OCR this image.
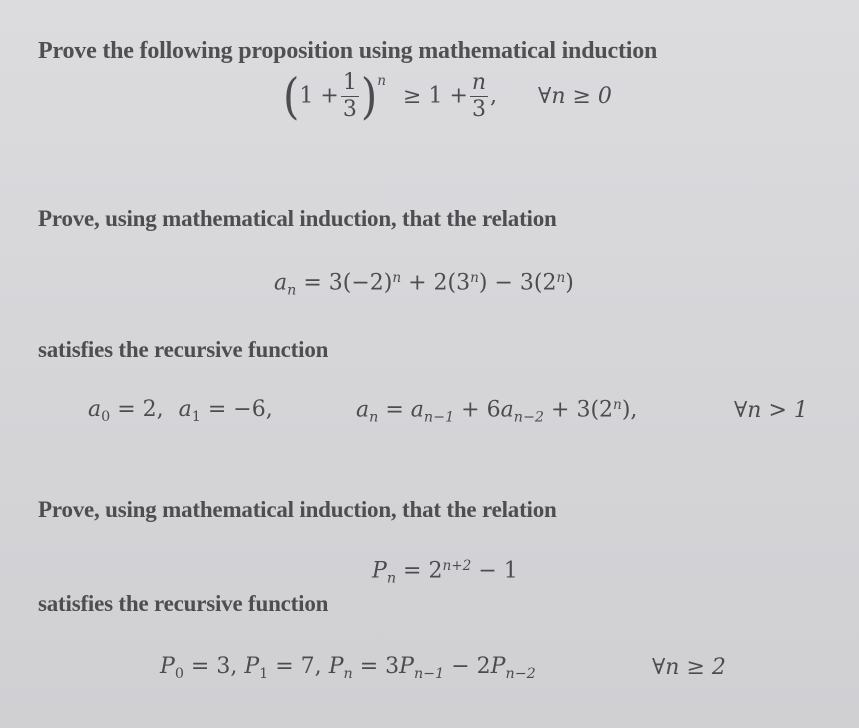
Prove the following proposition using mathematical induction
$(1 + \frac{1}{3} )^n \ge 1 + \frac{n}{3}$ , ∀n ≥ 0
Prove, using mathematical induction, that the relation
$a_n = 3(-2)^n + 2(3^n) - 3(2^n)$
satisfies the recursive function
$a_0 = 2$, $a_1 = -6$,	$a_n = a_{n-1} + 6a_{n-2} + 3(2^n)$,	∀n > 1
Prove, using mathematical induction, that the relation
$P_n = 2^{n+2} - 1$
satisfies the recursive function
$P_0 = 3$, $P_1 = 7$, $P_n = 3P_{n-1} - 2P_{n-2}$	∀n ≥ 2
